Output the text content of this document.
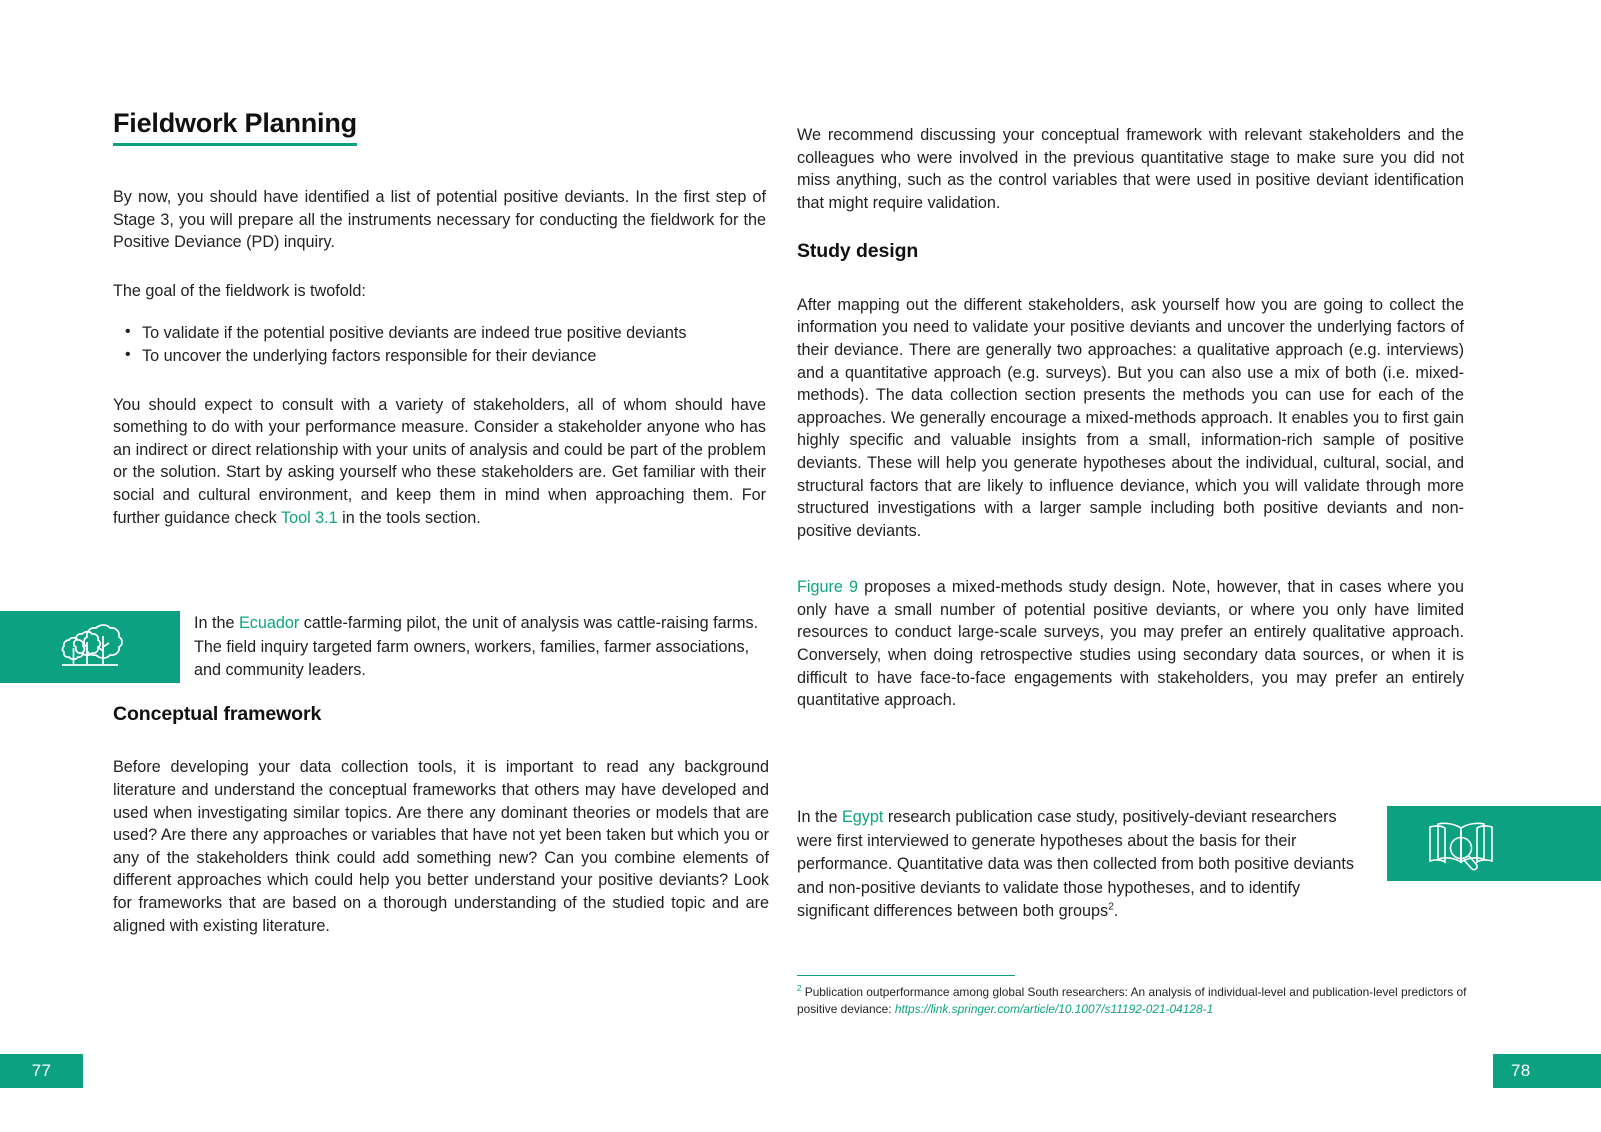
Fieldwork Planning

By now, you should have identified a list of potential positive deviants. In the first step of Stage 3, you will prepare all the instruments necessary for conducting the fieldwork for the Positive Deviance (PD) inquiry.

The goal of the fieldwork is twofold:

• To validate if the potential positive deviants are indeed true positive deviants
• To uncover the underlying factors responsible for their deviance

You should expect to consult with a variety of stakeholders, all of whom should have something to do with your performance measure. Consider a stakeholder anyone who has an indirect or direct relationship with your units of analysis and could be part of the problem or the solution. Start by asking yourself who these stakeholders are. Get familiar with their social and cultural environment, and keep them in mind when approaching them. For further guidance check Tool 3.1 in the tools section.

In the Ecuador cattle-farming pilot, the unit of analysis was cattle-raising farms. The field inquiry targeted farm owners, workers, families, farmer associations, and community leaders.
Conceptual framework

Before developing your data collection tools, it is important to read any background literature and understand the conceptual frameworks that others may have developed and used when investigating similar topics. Are there any dominant theories or models that are used? Are there any approaches or variables that have not yet been taken but which you or any of the stakeholders think could add something new? Can you combine elements of different approaches which could help you better understand your positive deviants? Look for frameworks that are based on a thorough understanding of the studied topic and are aligned with existing literature.

77

We recommend discussing your conceptual framework with relevant stakeholders and the colleagues who were involved in the previous quantitative stage to make sure you did not miss anything, such as the control variables that were used in positive deviant identification that might require validation.

Study design

After mapping out the different stakeholders, ask yourself how you are going to collect the information you need to validate your positive deviants and uncover the underlying factors of their deviance. There are generally two approaches: a qualitative approach (e.g. interviews) and a quantitative approach (e.g. surveys). But you can also use a mix of both (i.e. mixed-methods). The data collection section presents the methods you can use for each of the approaches. We generally encourage a mixed-methods approach. It enables you to first gain highly specific and valuable insights from a small, information-rich sample of positive deviants. These will help you generate hypotheses about the individual, cultural, social, and structural factors that are likely to influence deviance, which you will validate through more structured investigations with a larger sample including both positive deviants and non-positive deviants.

Figure 9 proposes a mixed-methods study design. Note, however, that in cases where you only have a small number of potential positive deviants, or where you only have limited resources to conduct large-scale surveys, you may prefer an entirely qualitative approach. Conversely, when doing retrospective studies using secondary data sources, or when it is difficult to have face-to-face engagements with stakeholders, you may prefer an entirely quantitative approach.

In the Egypt research publication case study, positively-deviant researchers were first interviewed to generate hypotheses about the basis for their performance. Quantitative data was then collected from both positive deviants and non-positive deviants to validate those hypotheses, and to identify significant differences between both groups$^2$.
$^2$ Publication outperformance among global South researchers: An analysis of individual-level and publication-level predictors of positive deviance: https://link.springer.com/article/10.1007/s11192-021-04128-1
78
